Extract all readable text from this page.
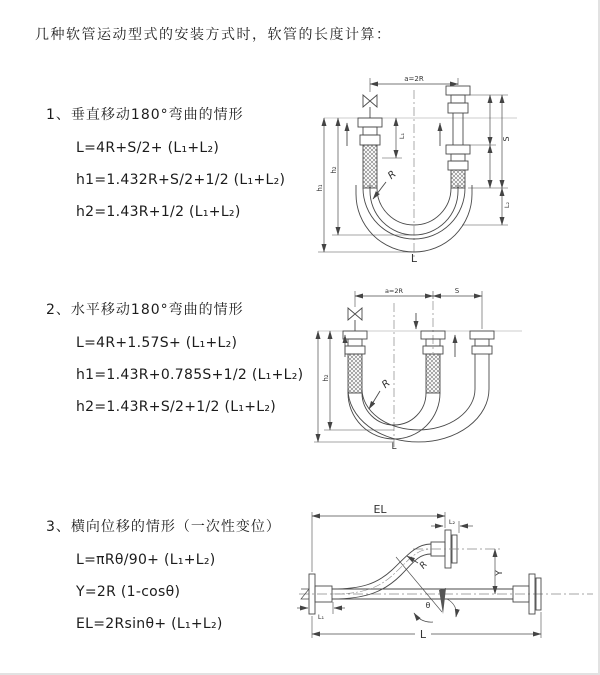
几种软管运动型式的安装方式时，软管的长度计算：
1、垂直移动180°弯曲的情形
L=4R+S/2+ (L₁+L₂)
h1=1.432R+S/2+1/2 (L₁+L₂)
h2=1.43R+1/2 (L₁+L₂)
2、水平移动180°弯曲的情形
L=4R+1.57S+ (L₁+L₂)
h1=1.43R+0.785S+1/2 (L₁+L₂)
h2=1.43R+S/2+1/2 (L₁+L₂)
3、横向位移的情形（一次性变位）
L=πRθ/90+ (L₁+L₂)
Y=2R (1-cosθ)
EL=2Rsinθ+ (L₁+L₂)
a=2R
L₁	S
L₂
h₁
h₂	R
L
a=2R	S
h₂	R
L
EL
L₂
Y
R
θ
L
L₁
